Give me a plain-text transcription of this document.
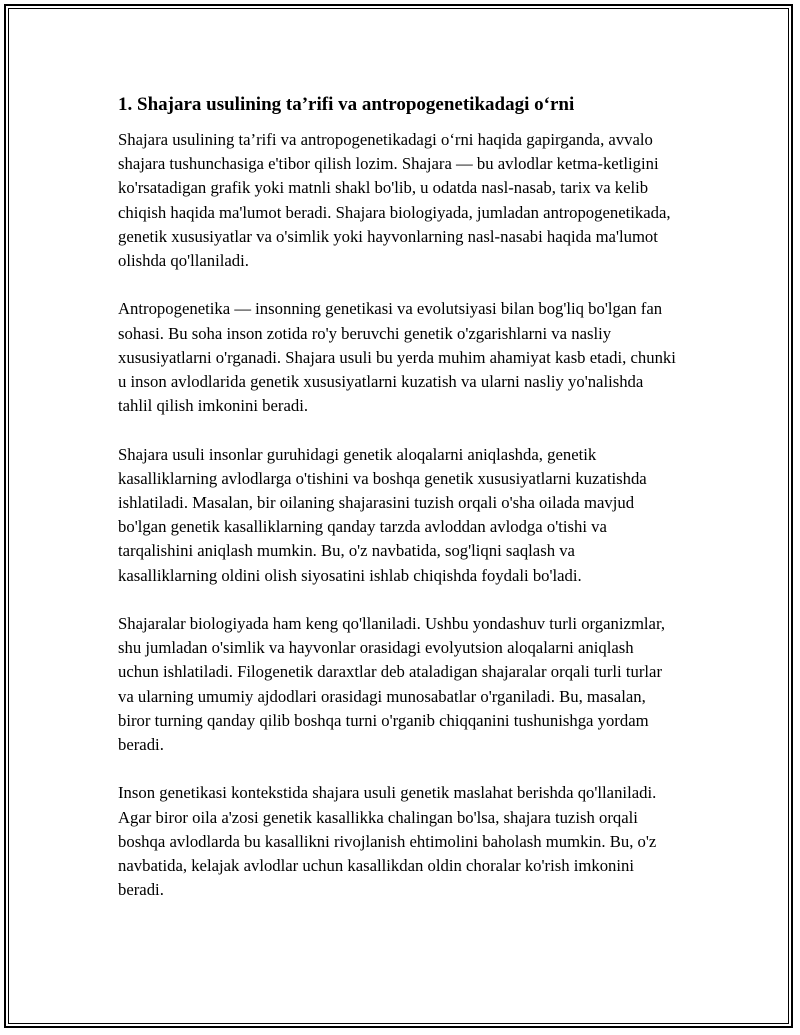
1. Shajara usulining ta’rifi va antropogenetikadagi o‘rni

Shajara usulining ta’rifi va antropogenetikadagi o‘rni haqida gapirganda, avvalo shajara tushunchasiga e'tibor qilish lozim. Shajara — bu avlodlar ketma-ketligini ko'rsatadigan grafik yoki matnli shakl bo'lib, u odatda nasl-nasab, tarix va kelib chiqish haqida ma'lumot beradi. Shajara biologiyada, jumladan antropogenetikada, genetik xususiyatlar va o'simlik yoki hayvonlarning nasl-nasabi haqida ma'lumot olishda qo'llaniladi.

Antropogenetika — insonning genetikasi va evolutsiyasi bilan bog'liq bo'lgan fan sohasi. Bu soha inson zotida ro'y beruvchi genetik o'zgarishlarni va nasliy xususiyatlarni o'rganadi. Shajara usuli bu yerda muhim ahamiyat kasb etadi, chunki u inson avlodlarida genetik xususiyatlarni kuzatish va ularni nasliy yo'nalishda tahlil qilish imkonini beradi.

Shajara usuli insonlar guruhidagi genetik aloqalarni aniqlashda, genetik kasalliklarning avlodlarga o'tishini va boshqa genetik xususiyatlarni kuzatishda ishlatiladi. Masalan, bir oilaning shajarasini tuzish orqali o'sha oilada mavjud bo'lgan genetik kasalliklarning qanday tarzda avloddan avlodga o'tishi va tarqalishini aniqlash mumkin. Bu, o'z navbatida, sog'liqni saqlash va kasalliklarning oldini olish siyosatini ishlab chiqishda foydali bo'ladi.

Shajaralar biologiyada ham keng qo'llaniladi. Ushbu yondashuv turli organizmlar, shu jumladan o'simlik va hayvonlar orasidagi evolyutsion aloqalarni aniqlash uchun ishlatiladi. Filogenetik daraxtlar deb ataladigan shajaralar orqali turli turlar va ularning umumiy ajdodlari orasidagi munosabatlar o'rganiladi. Bu, masalan, biror turning qanday qilib boshqa turni o'rganib chiqqanini tushunishga yordam beradi.

Inson genetikasi kontekstida shajara usuli genetik maslahat berishda qo'llaniladi. Agar biror oila a'zosi genetik kasallikka chalingan bo'lsa, shajara tuzish orqali boshqa avlodlarda bu kasallikni rivojlanish ehtimolini baholash mumkin. Bu, o'z navbatida, kelajak avlodlar uchun kasallikdan oldin choralar ko'rish imkonini beradi.
